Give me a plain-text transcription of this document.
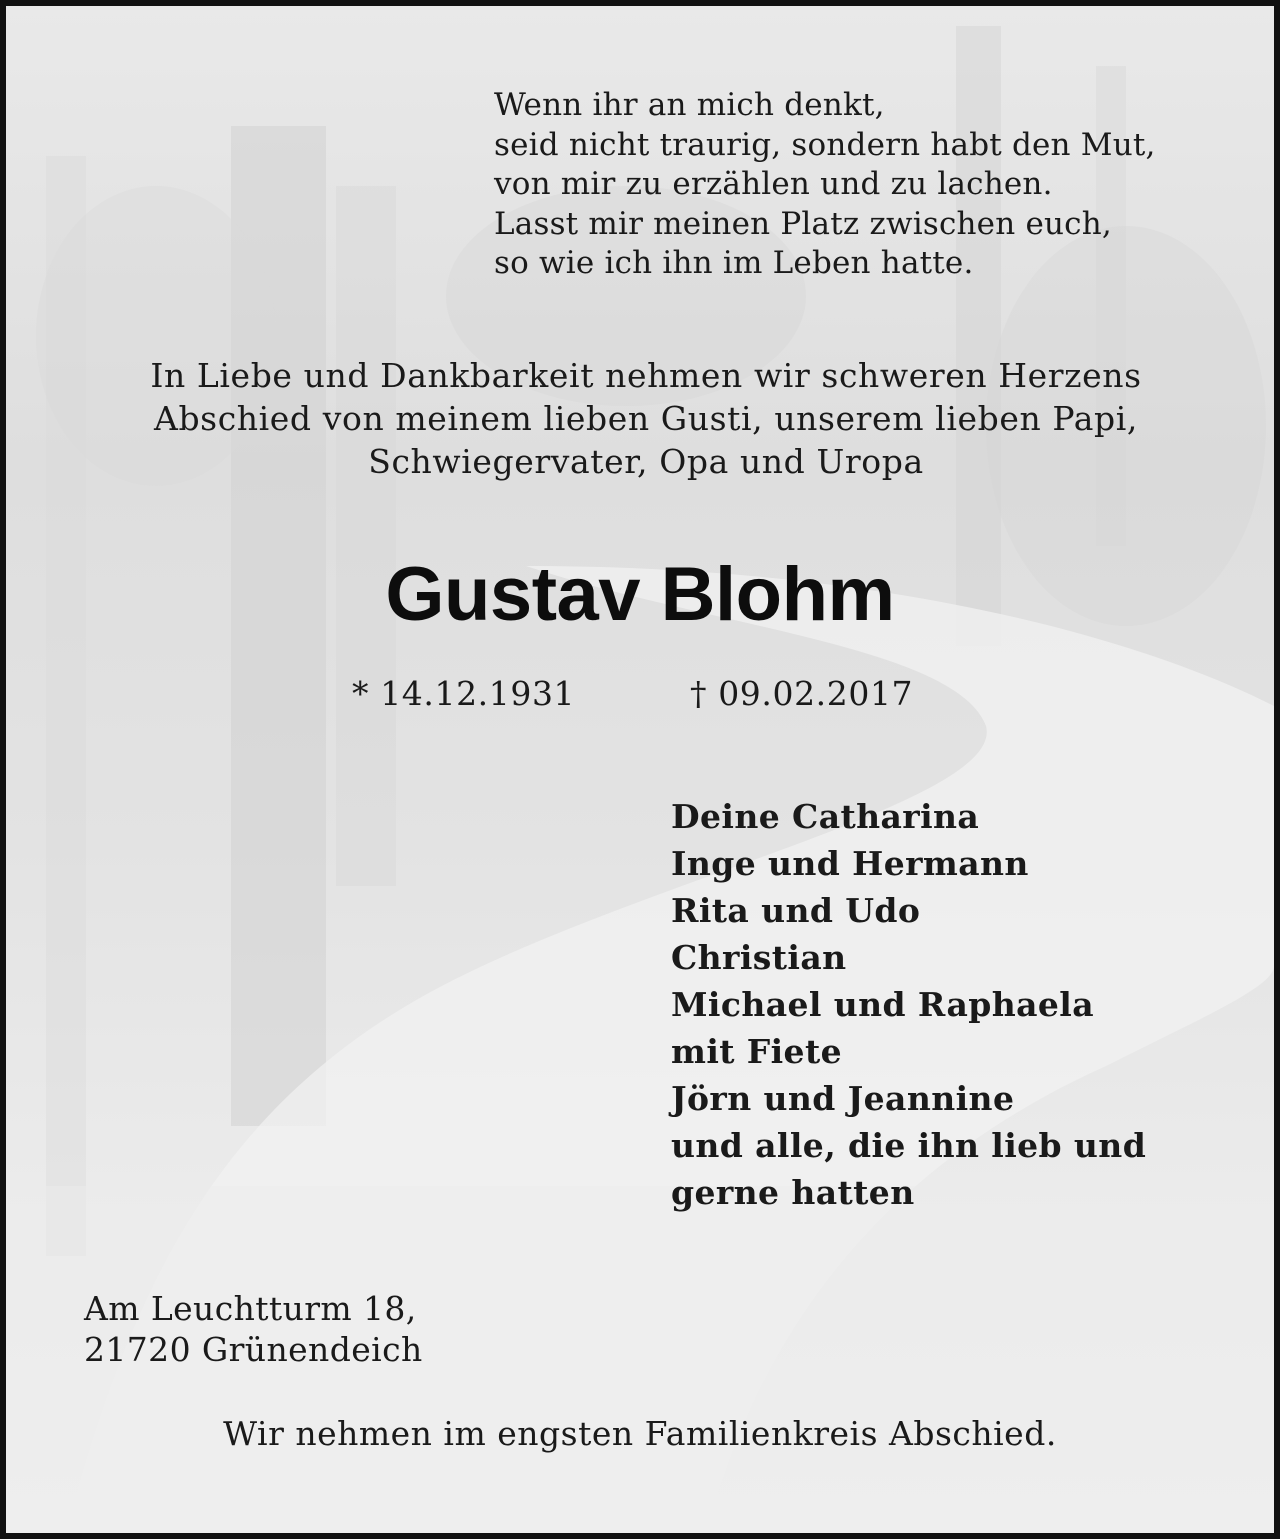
Wenn ihr an mich denkt,
seid nicht traurig, sondern habt den Mut,
von mir zu erzählen und zu lachen.
Lasst mir meinen Platz zwischen euch,
so wie ich ihn im Leben hatte.
In Liebe und Dankbarkeit nehmen wir schweren Herzens
Abschied von meinem lieben Gusti, unserem lieben Papi,
Schwiegervater, Opa und Uropa
Gustav Blohm
* 14.12.1931	† 09.02.2017
Deine Catharina
Inge und Hermann
Rita und Udo
Christian
Michael und Raphaela
mit Fiete
Jörn und Jeannine
und alle, die ihn lieb und
gerne hatten
Am Leuchtturm 18,
21720 Grünendeich
Wir nehmen im engsten Familienkreis Abschied.
